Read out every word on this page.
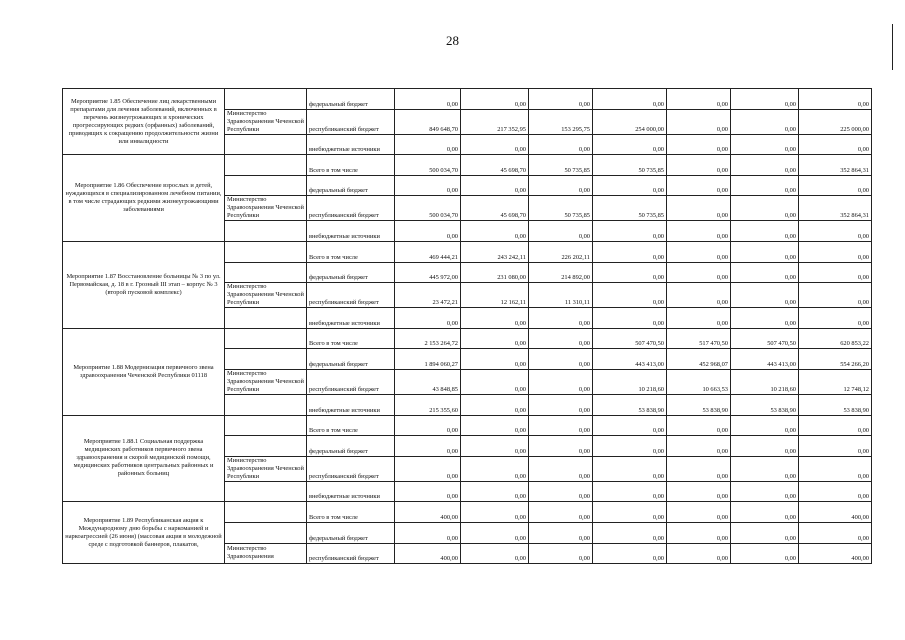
28
Мероприятие 1.85 Обеспечение лиц лекарственными препаратами для лечения заболеваний, включенных в перечень жизнеугрожающих и хронических прогрессирующих редких (орфанных) заболеваний, приводящих к сокращению продолжительности жизни или инвалидности		федеральный бюджет	0,00	0,00	0,00	0,00	0,00	0,00	0,00
	Министерство Здравоохранения Чеченской Республики	республиканский бюджет	849 648,70	217 352,95	153 295,75	254 000,00	0,00	0,00	225 000,00
		внебюджетные источники	0,00	0,00	0,00	0,00	0,00	0,00	0,00
Мероприятие 1.86 Обеспечение взрослых и детей, нуждающихся в специализированном лечебном питании, в том числе страдающих редкими жизнеугрожающими заболеваниями		Всего в том числе	500 034,70	45 698,70	50 735,85	50 735,85	0,00	0,00	352 864,31
		федеральный бюджет	0,00	0,00	0,00	0,00	0,00	0,00	0,00
	Министерство Здравоохранения Чеченской Республики	республиканский бюджет	500 034,70	45 698,70	50 735,85	50 735,85	0,00	0,00	352 864,31
		внебюджетные источники	0,00	0,00	0,00	0,00	0,00	0,00	0,00
Мероприятие 1.87 Восстановление больницы № 3 по ул. Первомайская, д. 18 в г. Грозный III этап – корпус № 3 (второй пусковой комплекс)		Всего в том числе	469 444,21	243 242,11	226 202,11	0,00	0,00	0,00	0,00
		федеральный бюджет	445 972,00	231 080,00	214 892,00	0,00	0,00	0,00	0,00
	Министерство Здравоохранения Чеченской Республики	республиканский бюджет	23 472,21	12 162,11	11 310,11	0,00	0,00	0,00	0,00
		внебюджетные источники	0,00	0,00	0,00	0,00	0,00	0,00	0,00
Мероприятие 1.88 Модернизация первичного звена здравоохранения Чеченской Республики 01118		Всего в том числе	2 153 264,72	0,00	0,00	507 470,50	517 470,50	507 470,50	620 853,22
		федеральный бюджет	1 894 060,27	0,00	0,00	443 413,00	452 968,07	443 413,00	554 266,20
	Министерство Здравоохранения Чеченской Республики	республиканский бюджет	43 848,85	0,00	0,00	10 218,60	10 663,53	10 218,60	12 748,12
		внебюджетные источники	215 355,60	0,00	0,00	53 838,90	53 838,90	53 838,90	53 838,90
Мероприятие 1.88.1 Социальная поддержка медицинских работников первичного звена здравоохранения и скорой медицинской помощи, медицинских работников центральных районных и районных больниц		Всего в том числе	0,00	0,00	0,00	0,00	0,00	0,00	0,00
		федеральный бюджет	0,00	0,00	0,00	0,00	0,00	0,00	0,00
	Министерство Здравоохранения Чеченской Республики	республиканский бюджет	0,00	0,00	0,00	0,00	0,00	0,00	0,00
		внебюджетные источники	0,00	0,00	0,00	0,00	0,00	0,00	0,00
Мероприятие 1.89 Республиканская акция к Международному дню борьбы с наркоманией и наркоагрессией (26 июня) (массовая акция в молодежной среде с подготовкой баннеров, плакатов,		Всего в том числе	400,00	0,00	0,00	0,00	0,00	0,00	400,00
		федеральный бюджет	0,00	0,00	0,00	0,00	0,00	0,00	0,00
	Министерство Здравоохранения	республиканский бюджет	400,00	0,00	0,00	0,00	0,00	0,00	400,00
